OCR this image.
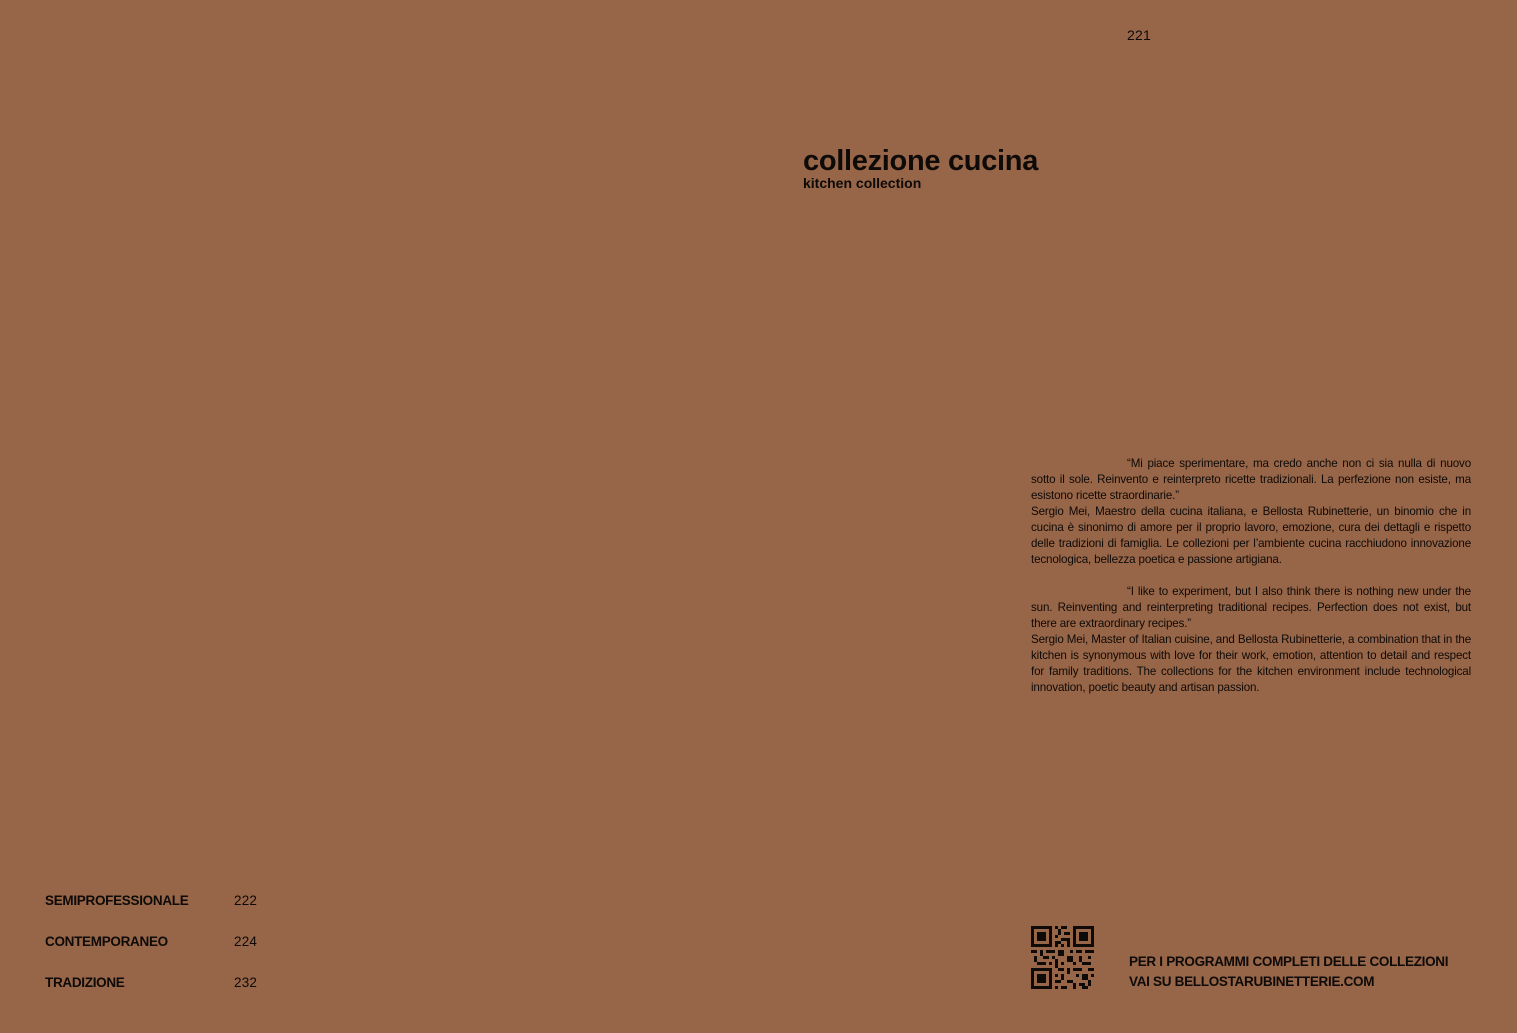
221
collezione cucina
kitchen collection

“Mi piace sperimentare, ma credo anche non ci sia nulla di nuovo sotto il sole. Reinvento e reinterpreto ricette tradizionali. La perfezione non esiste, ma esistono ricette straordinarie.”

Sergio Mei, Maestro della cucina italiana, e Bellosta Rubinetterie, un binomio che in cucina è sinonimo di amore per il proprio lavoro, emozione, cura dei dettagli e rispetto delle tradizioni di famiglia. Le collezioni per l’ambiente cucina racchiudono innovazione tecnologica, bellezza poetica e passione artigiana.

“I like to experiment, but I also think there is nothing new under the sun. Reinventing and reinterpreting traditional recipes. Perfection does not exist, but there are extraordinary recipes.”

Sergio Mei, Master of Italian cuisine, and Bellosta Rubinetterie, a combination that in the kitchen is synonymous with love for their work, emotion, attention to detail and respect for family traditions. The collections for the kitchen environment include technological innovation, poetic beauty and artisan passion.

SEMIPROFESSIONALE	222
CONTEMPORANEO	224
TRADIZIONE	232
PER I PROGRAMMI COMPLETI DELLE COLLEZIONI
VAI SU BELLOSTARUBINETTERIE.COM
